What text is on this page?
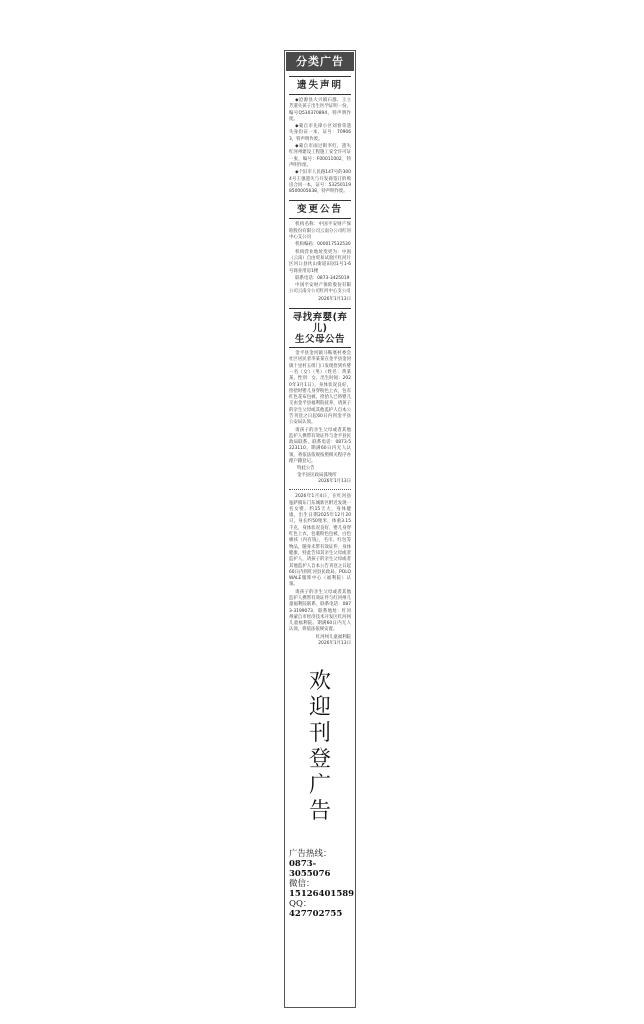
分类广告
遗失声明
◆沧源县大兴镇石群，王立芳遗失孩子出生医学证明一份，编号Q530370894，特声明作废。
◆蒙自市先锋小区刘春荣遗失身份证一本，证号：709063，特声明作废。
◆蒙自市雨过街李红，遗失红河州建设工程施工安全许可证一张，编号：F00011002，特声明作废。
◆个旧市人民路147号的3004号王强遗失与开发商签订的购房合同一本，证号：532501198500005638，特声明作废。
变更公告
机构名称：中国平安财产保险股份有限公司云南分公司红河中心支公司
机构编码：000017532530
机构营业地址变更为：中国（云南）自由贸易试验区红河片区河口县伙山街道田园1号1-6号商业用房1楼
联系电话：0873-3425019
中国平安财产保险股份有限公司云南分公司红河中心支公司
2026年1月13日
寻找弃婴(弃儿)
生父母公告
金平县金河镇马鞍底村委会社区居民者李某某在金平县金河镇十里村五组门口发现捡到弃婴一名（女）（男）（姓名：黄某某，性别：女，出生时间：2020年3月1日），身体状况良好，捡拾时婴儿身穿粉色上衣，包有红色花布包被。捡拾人已将婴儿交由金平县福利院抚养，请孩子的亲生父母或其他监护人自本公告刊登之日起60日内到金平县公安局认领。
请孩子的亲生父母或者其他监护人携带有效证件与金平县民政局联系，联系电话：0873-5223110。期满60日内无人认领，将依法依规按照相关程序办理户籍登记。
特此公告
金平县民政局孤残所
2026年1月13日
2026年1月4日，在红河县迤萨镇东门东城新区附近发现一名女婴，约15天大，身体健康，出生日期2025年12月20日，身长约50厘米，体重3.15千克，身体状况良好，婴儿身穿红色上衣，包裹粉色包被，白色棉袄（内有钱），毛巾、红包等物品，随身未带有效证件，身体健康，特此告知其亲生父母或者监护人，请孩子的亲生父母或者其他监护人自本公告刊登之日起60日内到红河县民政局，POLOWALE服饰中心（福利院）认领。
请孩子的亲生父母或者其他监护人携带有效证件与红河州儿童福利院联系，联系电话：0873-3199073，联系地址：红河州蒙自市经济技术开发区红河州儿童福利院。期满60日内无人认领，将依法依规安置。
红河州儿童福利院
2026年1月13日
欢
迎
刊
登
广
告
广告热线：
0873-3055076
微信：
15126401589
QQ：
427702755
